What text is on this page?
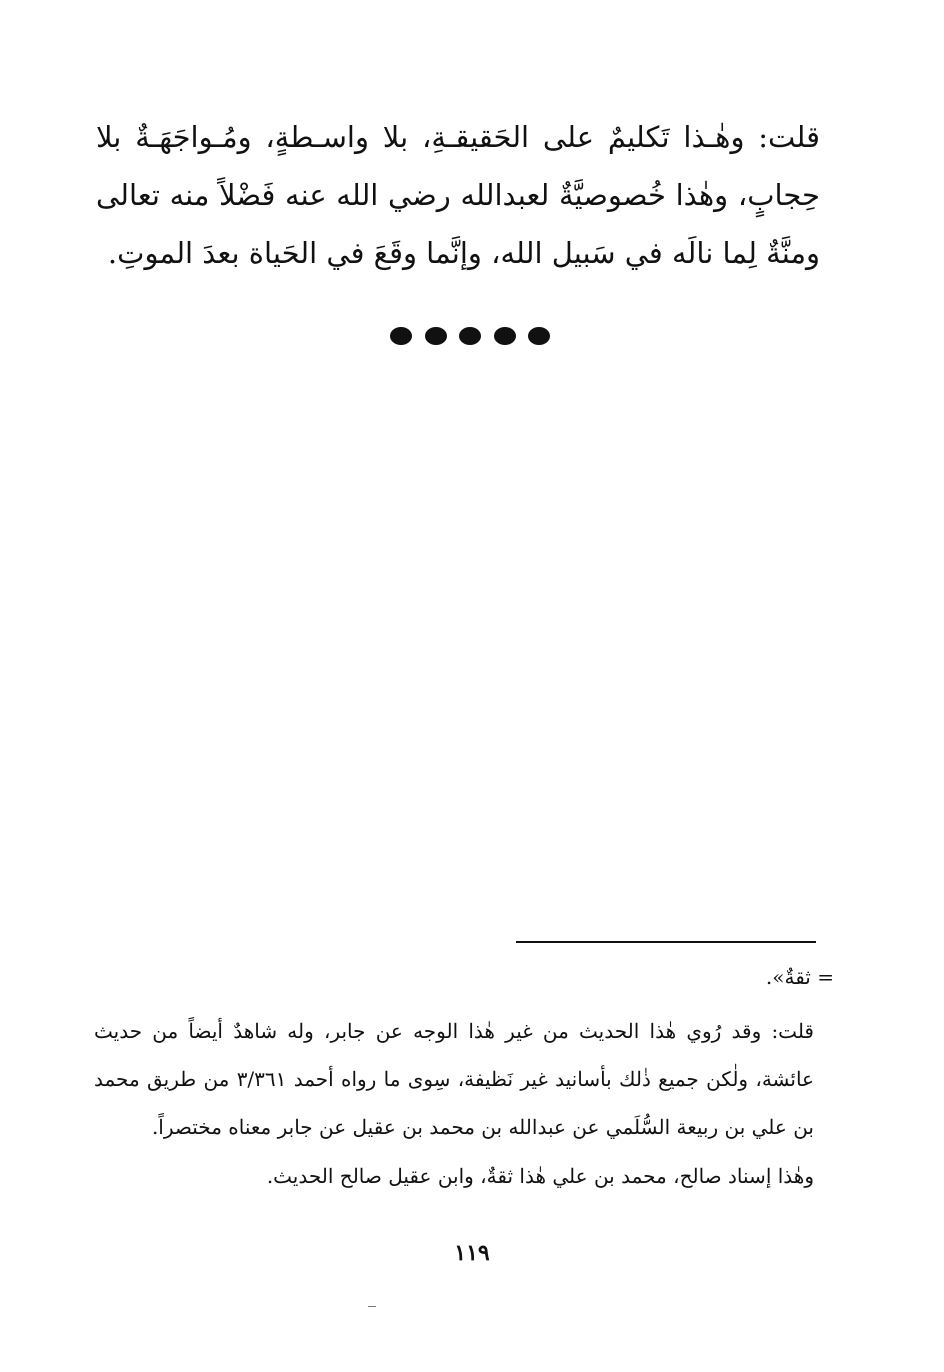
قلت: وهٰـذا تَكليمٌ على الحَقيقـةِ، بلا واسـطةٍ، ومُـواجَهَـةٌ بلا حِجابٍ، وهٰذا خُصوصيَّةٌ لعبدالله رضي الله عنه فَضْلاً منه تعالى ومنَّةٌ لِما نالَه في سَبيل الله، وإنَّما وقَعَ في الحَياة بعدَ الموتِ.

= ثقةٌ».

قلت: وقد رُوي هٰذا الحديث من غير هٰذا الوجه عن جابر، وله شاهدٌ أيضاً من حديث عائشة، ولٰكن جميع ذٰلك بأسانيد غير نَظيفة، سِوى ما رواه أحمد ٣/٣٦١ من طريق محمد بن علي بن ربيعة السُّلَمي عن عبدالله بن محمد بن عقيل عن جابر معناه مختصراً.

وهٰذا إسناد صالح، محمد بن علي هٰذا ثقةٌ، وابن عقيل صالح الحديث.

١١٩
